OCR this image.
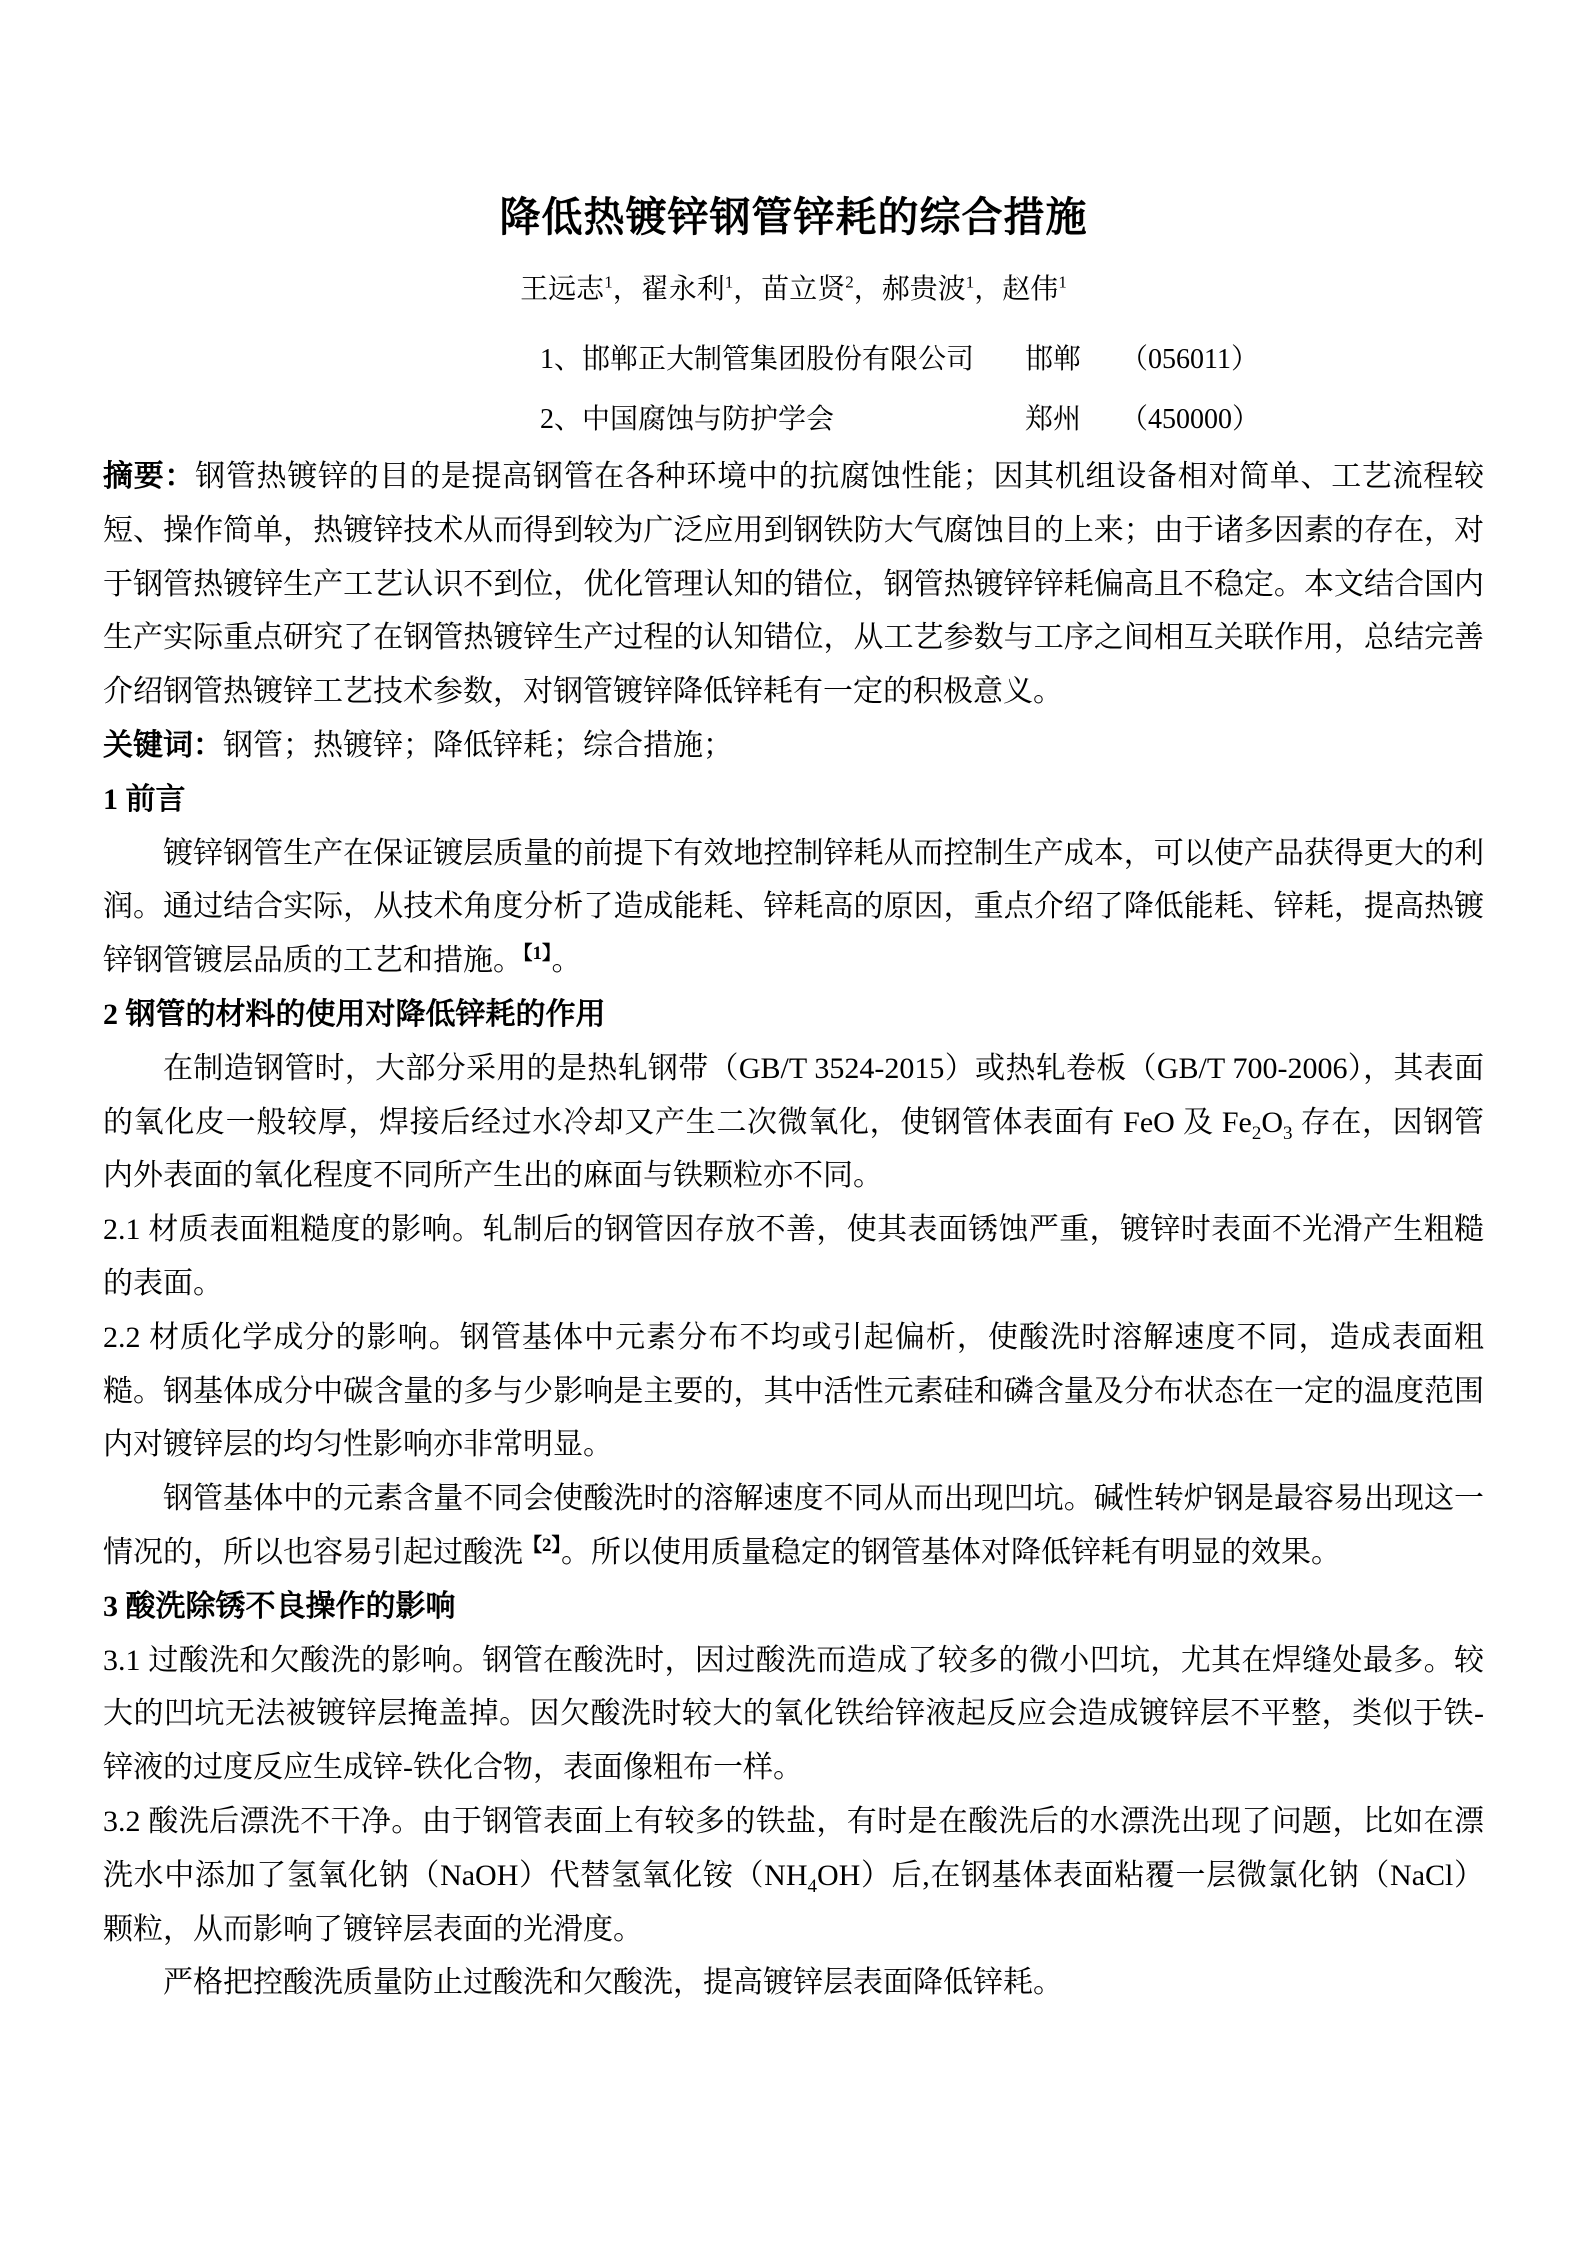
降低热镀锌钢管锌耗的综合措施
王远志$^1$，翟永利$^1$，苗立贤$^2$，郝贵波$^1$，赵伟$^1$
1、邯郸正大制管集团股份有限公司	邯郸	（056011）
2、中国腐蚀与防护学会	郑州	（450000）

摘要：钢管热镀锌的目的是提高钢管在各种环境中的抗腐蚀性能；因其机组设备相对简单、工艺流程较短、操作简单，热镀锌技术从而得到较为广泛应用到钢铁防大气腐蚀目的上来；由于诸多因素的存在，对于钢管热镀锌生产工艺认识不到位，优化管理认知的错位，钢管热镀锌锌耗偏高且不稳定。本文结合国内生产实际重点研究了在钢管热镀锌生产过程的认知错位，从工艺参数与工序之间相互关联作用，总结完善介绍钢管热镀锌工艺技术参数，对钢管镀锌降低锌耗有一定的积极意义。

关键词：钢管；热镀锌；降低锌耗；综合措施；

1 前言

镀锌钢管生产在保证镀层质量的前提下有效地控制锌耗从而控制生产成本，可以使产品获得更大的利润。通过结合实际，从技术角度分析了造成能耗、锌耗高的原因，重点介绍了降低能耗、锌耗，提高热镀锌钢管镀层品质的工艺和措施。$^{【1】}$。

2 钢管的材料的使用对降低锌耗的作用

在制造钢管时，大部分采用的是热轧钢带（GB/T 3524-2015）或热轧卷板（GB/T 700-2006），其表面的氧化皮一般较厚，焊接后经过水冷却又产生二次微氧化，使钢管体表面有 FeO 及 $Fe_2O_3$ 存在，因钢管内外表面的氧化程度不同所产生出的麻面与铁颗粒亦不同。

2.1 材质表面粗糙度的影响。轧制后的钢管因存放不善，使其表面锈蚀严重，镀锌时表面不光滑产生粗糙的表面。

2.2 材质化学成分的影响。钢管基体中元素分布不均或引起偏析，使酸洗时溶解速度不同，造成表面粗糙。钢基体成分中碳含量的多与少影响是主要的，其中活性元素硅和磷含量及分布状态在一定的温度范围内对镀锌层的均匀性影响亦非常明显。

钢管基体中的元素含量不同会使酸洗时的溶解速度不同从而出现凹坑。碱性转炉钢是最容易出现这一情况的，所以也容易引起过酸洗$^{【2】}$。所以使用质量稳定的钢管基体对降低锌耗有明显的效果。

3 酸洗除锈不良操作的影响

3.1 过酸洗和欠酸洗的影响。钢管在酸洗时，因过酸洗而造成了较多的微小凹坑，尤其在焊缝处最多。较大的凹坑无法被镀锌层掩盖掉。因欠酸洗时较大的氧化铁给锌液起反应会造成镀锌层不平整，类似于铁-锌液的过度反应生成锌-铁化合物，表面像粗布一样。

3.2 酸洗后漂洗不干净。由于钢管表面上有较多的铁盐，有时是在酸洗后的水漂洗出现了问题，比如在漂洗水中添加了氢氧化钠（NaOH）代替氢氧化铵$(NH_4OH)$后,在钢基体表面粘覆一层微氯化钠（NaCl）颗粒，从而影响了镀锌层表面的光滑度。

严格把控酸洗质量防止过酸洗和欠酸洗，提高镀锌层表面降低锌耗。
